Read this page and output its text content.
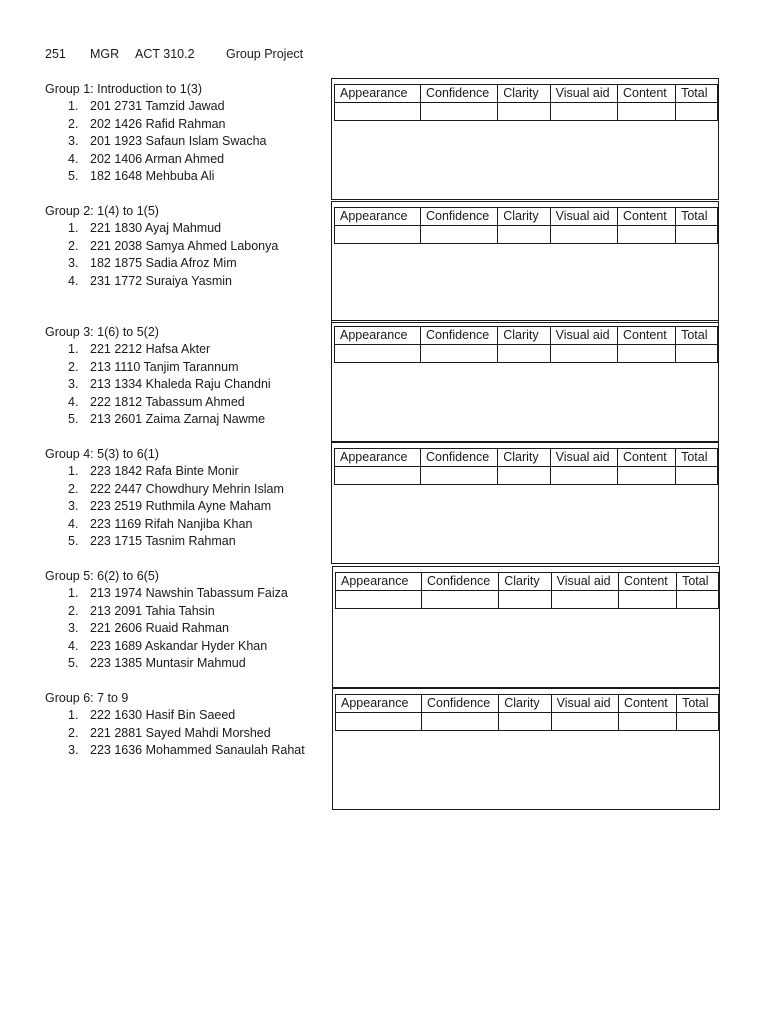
251 MGR ACT 310.2	Group Project
Group 1: Introduction to 1(3)
1. 201 2731 Tamzid Jawad
2. 202 1426 Rafid Rahman
3. 201 1923 Safaun Islam Swacha
4. 202 1406 Arman Ahmed
5. 182 1648 Mehbuba Ali
Appearance	Confidence	Clarity	Visual aid	Content	Total

Group 2: 1(4) to 1(5)
1. 221 1830 Ayaj Mahmud
2. 221 2038 Samya Ahmed Labonya
3. 182 1875 Sadia Afroz Mim
4. 231 1772 Suraiya Yasmin
Appearance	Confidence	Clarity	Visual aid	Content	Total

Group 3: 1(6) to 5(2)
1. 221 2212 Hafsa Akter
2. 213 1110 Tanjim Tarannum
3. 213 1334 Khaleda Raju Chandni
4. 222 1812 Tabassum Ahmed
5. 213 2601 Zaima Zarnaj Nawme
Appearance	Confidence	Clarity	Visual aid	Content	Total

Group 4: 5(3) to 6(1)
1. 223 1842 Rafa Binte Monir
2. 222 2447 Chowdhury Mehrin Islam
3. 223 2519 Ruthmila Ayne Maham
4. 223 1169 Rifah Nanjiba Khan
5. 223 1715 Tasnim Rahman
Appearance	Confidence	Clarity	Visual aid	Content	Total

Group 5: 6(2) to 6(5)
1. 213 1974 Nawshin Tabassum Faiza
2. 213 2091 Tahia Tahsin
3. 221 2606 Ruaid Rahman
4. 223 1689 Askandar Hyder Khan
5. 223 1385 Muntasir Mahmud
Appearance	Confidence	Clarity	Visual aid	Content	Total

Group 6: 7 to 9
1. 222 1630 Hasif Bin Saeed
2. 221 2881 Sayed Mahdi Morshed
3. 223 1636 Mohammed Sanaulah Rahat
Appearance	Confidence	Clarity	Visual aid	Content	Total
